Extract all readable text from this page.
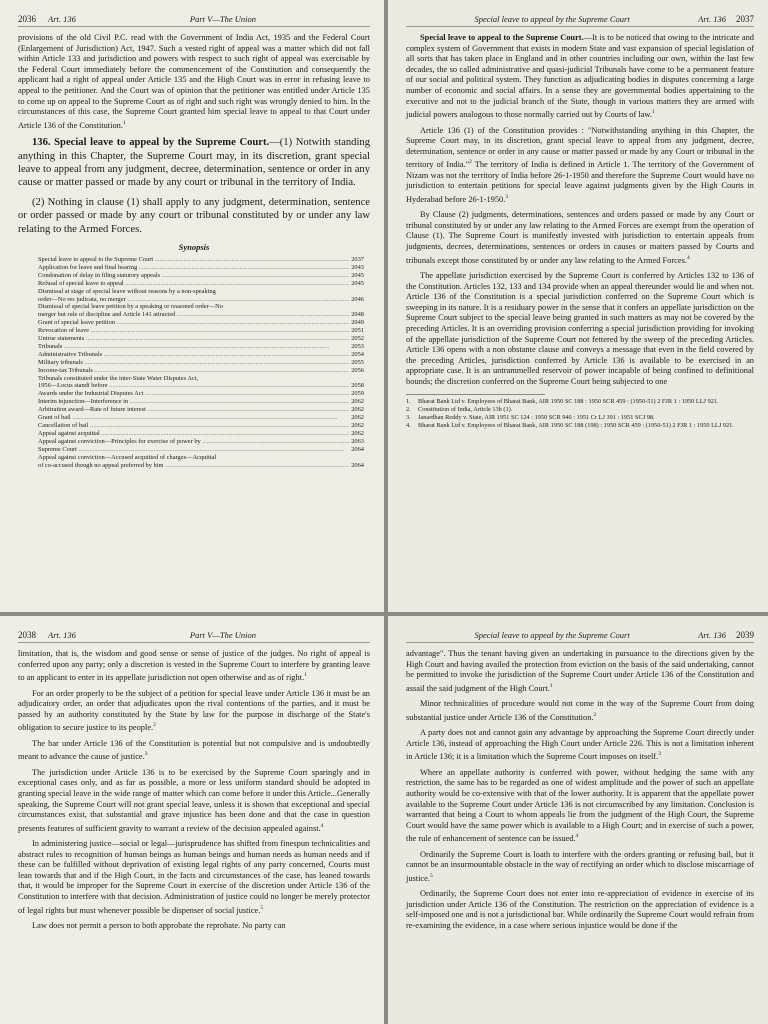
2036 Art. 136	Part V—The Union

provisions of the old Civil P.C. read with the Government of India Act, 1935 and the Federal Court (Enlargement of Jurisdiction) Act, 1947. Such a vested right of appeal was a matter which did not fall within Article 133 and jurisdiction and powers with respect to such right of appeal was exercisable by the Federal Court immediately before the commencement of the Constitution and consequently the applicant had a right of appeal under Article 135 and the High Court was in error in refusing leave to appeal to the petitioner. And the Court was of opinion that the petitioner was entitled under Article 135 to come up on appeal to the Supreme Court as of right and such right was wrongly denied to him. In the circumstances of this case, the Supreme Court granted him special leave to appeal to that Court under Article 136 of the Constitution.$^1$

136. Special leave to appeal by the Supreme Court.—(1) Notwith standing anything in this Chapter, the Supreme Court may, in its discretion, grant special leave to appeal from any judgment, decree, determination, sentence or order in any cause or matter passed or made by any court or tribunal in the territory of India.

(2) Nothing in clause (1) shall apply to any judgment, determination, sentence or order passed or made by any court or tribunal constituted by or under any law relating to the Armed Forces.

Synopsis
Special leave to appeal to the Supreme Court .....	2037
Application for leave and final hearing .....	2043
Condonation of delay in filing statutory appeals .....	2045
Refusal of special leave to appeal .....	2045
Dismissal at stage of special leave without reasons by a non-speaking
order—No res judicata, no merger .....	2046
Dismissal of special leave petition by a speaking or reasoned order—No
merger but rule of discipline and Article 141 attracted .....	2048
Grant of special leave petition .....	2049
Revocation of leave .....	2051
Untrue statements .....	2052
Tribunals .....	2053
Administrative Tribunals .....	2054
Military tribunals .....	2055
Income-tax Tribunals .....	2056
Tribunals constituted under the inter-State Water Disputes Act,
1956—Locus standi before .....	2058
Awards under the Industrial Disputes Act .....	2059
Interim injunction—Interference in .....	2062
Arbitration award—Rate of future interest .....	2062
Grant of bail .....	2062
Cancellation of bail .....	2062
Appeal against acquittal .....	2062
Appeal against conviction—Principles for exercise of power by .....	2063
Supreme Court .....	2064
Appeal against conviction—Accused acquitted of charges—Acquittal
of co-accused though no appeal preferred by him .....	2064
Special leave to appeal by the Supreme Court	Art. 136 2037

Special leave to appeal to the Supreme Court.—It is to be noticed that owing to the intricate and complex system of Government that exists in modern State and vast expansion of special legislation of all sorts that has taken place in England and in other countries including our own, within the last few decades, the so called administrative and quasi-judicial Tribunals have come to be a permanent feature of our social and political system. They function as adjudicating bodies in disputes concerning a large number of economic and social affairs. In a sense they are governmental bodies appertaining to the executive and not to the judicial branch of the State, though in various matters they are armed with judicial powers analogous to those normally carried out by Courts of law.$^1$

Article 136 (1) of the Constitution provides : "Notwithstanding anything in this Chapter, the Supreme Court may, in its discretion, grant special leave to appeal from any judgment, decree, determination, sentence or order in any cause or matter passed or made by any Court or tribunal in the territory of India."$^2$ The territory of India is defined in Article 1. The territory of the Government of Nizam was not the territory of India before 26-1-1950 and therefore the Supreme Court would have no jurisdiction to entertain petitions for special leave against judgments given by the High Courts in Hyderabad before 26-1-1950.$^3$

By Clause (2) judgments, determinations, sentences and orders passed or made by any Court or tribunal constituted by or under any law relating to the Armed Forces are exempt from the operation of Clause (1). The Supreme Court is manifestly invested with jurisdiction to entertain appeals from judgments, decrees, determinations, sentences or orders in causes or matters passed by Courts and tribunals except those constituted by or under any law relating to the Armed Forces.$^4$

The appellate jurisdiction exercised by the Supreme Court is conferred by Articles 132 to 136 of the Constitution. Articles 132, 133 and 134 provide when an appeal thereunder would lie and when not. Article 136 of the Constitution is a special jurisdiction conferred on the Supreme Court which is sweeping in its nature. It is a residuary power in the sense that it confers an appellate jurisdiction on the Supreme Court subject to the special leave being granted in such matters as may not be covered by the preceding Articles. It is an overriding provision conferring a special jurisdiction providing for invoking of the appellate jurisdiction of the Supreme Court not fettered by the sweep of the preceding Articles. Article 136 opens with a non obstante clause and conveys a message that even in the field covered by the preceding Articles, jurisdiction conferred by Article 136 is available to be exercised in an appropriate case. It is an untrammelled reservoir of power incapable of being confined to definitional bounds; the discretion conferred on the Supreme Court being subjected to one

1.	Bharat Bank Ltd v. Employees of Bharat Bank, AIR 1950 SC 188 : 1950 SCR 459 : (1950-51) 2 FJR 1 : 1950 LLJ 921.
2.	Constitution of India, Article 13b (1).
3.	Janardhan Reddy v. State, AIR 1951 SC 124 : 1950 SCR 940 : 1951 Cr LJ 391 : 1951 SCJ 98.
4.	Bharat Bank Ltd v. Employees of Bharat Bank, AIR 1950 SC 188 (198) : 1950 SCR 459 : (1950-51) 2 FJR 1 : 1950 LLJ 921.
2038 Art. 136	Part V—The Union

limitation, that is, the wisdom and good sense or sense of justice of the judges. No right of appeal is conferred upon any party; only a discretion is vested in the Supreme Court to interfere by granting leave to an applicant to enter in its appellate jurisdiction not open otherwise and as of right.$^1$

For an order properly to be the subject of a petition for special leave under Article 136 it must be an adjudicatory order, an order that adjudicates upon the rival contentions of the parties, and it must be passed by an authority constituted by the State by law for the purpose in discharge of the State's obligation to secure justice to its people.$^2$

The bar under Article 136 of the Constitution is potential but not compulsive and is undoubtedly meant to advance the cause of justice.$^3$

The jurisdiction under Article 136 is to be exercised by the Supreme Court sparingly and in exceptional cases only, and as far as possible, a more or less uniform standard should be adopted in granting special leave in the wide range of matter which can come before it under this Article...Generally speaking, the Supreme Court will not grant special leave, unless it is shown that exceptional and special circumstances exist, that substantial and grave injustice has been done and that the case in question presents features of sufficient gravity to warrant a review of the decision appealed against.$^4$

In administering justice—social or legal—jurisprudence has shifted from finespun technicalities and abstract rules to recognition of human beings as human beings and human needs as human needs and if these can be fulfilled without deprivation of existing legal rights of any party concerned, Courts must lean towards that and if the High Court, in the facts and circumstances of the case, has leaned towards that, it would be improper for the Supreme Court in exercise of the discretion under Article 136 of the Constitution to interfere with that decision. Administration of justice could no longer be merely protector of legal rights but must whenever possible be dispenser of social justice.$^5$

Law does not permit a person to both approbate the reprobate. No party can

Special leave to appeal by the Supreme Court	Art. 136 2039

advantage". Thus the tenant having given an undertaking in pursuance to the directions given by the High Court and having availed the protection from eviction on the basis of the said undertaking, cannot be permitted to invoke the jurisdiction of the Supreme Court under Article 136 of the Constitution and assail the said judgment of the High Court.$^1$

Minor technicalities of procedure would not come in the way of the Supreme Court from doing substantial justice under Article 136 of the Constitution.$^2$

A party does not and cannot gain any advantage by approaching the Supreme Court directly under Article 136, instead of approaching the High Court under Article 226. This is not a limitation inherent in Article 136; it is a limitation which the Supreme Court imposes on itself.$^3$

Where an appellate authority is conferred with power, without hedging the same with any restriction, the same has to be regarded as one of widest amplitude and the power of such an appellate authority would be co-extensive with that of the lower authority. It is apparent that the appellate power available to the Supreme Court under Article 136 is not circumscribed by any limitation. Conclusion is warranted that being a Court to whom appeals lie from the judgment of the High Court, the Supreme Court would have the same power which is available to a High Court; and in exercise of such a power, the rule of enhancement of sentence can be issued.$^4$

Ordinarily the Supreme Court is loath to interfere with the orders granting or refusing bail, but it cannot be an insurmountable obstacle in the way of rectifying an order which to disclose miscarriage of justice.$^5$

Ordinarily, the Supreme Court does not enter into re-appreciation of evidence in exercise of its jurisdiction under Article 136 of the Constitution. The restriction on the appreciation of evidence is a self-imposed one and is not a jurisdictional bar. While ordinarily the Supreme Court would refrain from re-examining the evidence, in a case where serious injustice would be done if the
